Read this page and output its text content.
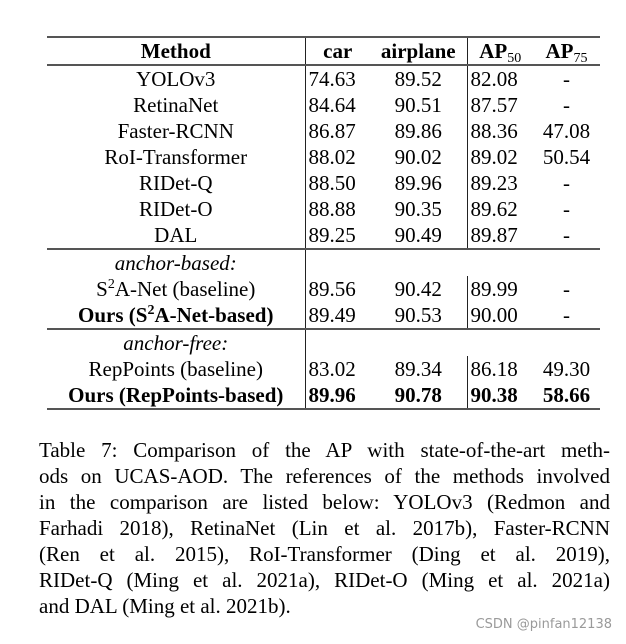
Method	car	airplane	$AP_{50}$	$AP_{75}$
YOLOv3	74.63	89.52	82.08	-
RetinaNet	84.64	90.51	87.57	-
Faster-RCNN	86.87	89.86	88.36	47.08
RoI-Transformer	88.02	90.02	89.02	50.54
RIDet-Q	88.50	89.96	89.23	-
RIDet-O	88.88	90.35	89.62	-
DAL	89.25	90.49	89.87	-
anchor-based:				
$S^2A$-Net (baseline)	89.56	90.42	89.99	-
Ours $(S^2A-Net-based)$	89.49	90.53	90.00	-
anchor-free:				
RepPoints (baseline)	83.02	89.34	86.18	49.30
Ours (RepPoints-based)	89.96	90.78	90.38	58.66
Table 7: Comparison of the AP with state-of-the-art meth-
ods on UCAS-AOD. The references of the methods involved
in the comparison are listed below: YOLOv3 (Redmon and
Farhadi 2018), RetinaNet (Lin et al. 2017b), Faster-RCNN
(Ren et al. 2015), RoI-Transformer (Ding et al. 2019),
RIDet-Q (Ming et al. 2021a), RIDet-O (Ming et al. 2021a)
and DAL (Ming et al. 2021b).
CSDN @pinfan12138
